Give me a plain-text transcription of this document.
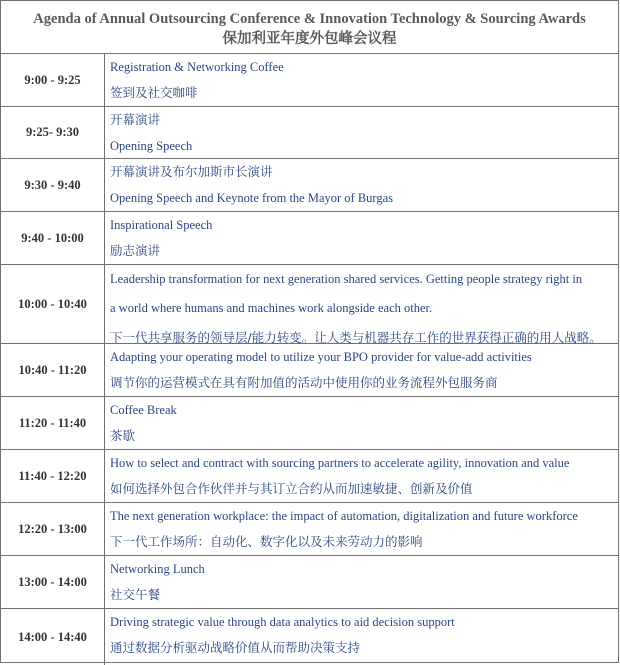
Agenda of Annual Outsourcing Conference & Innovation Technology & Sourcing Awards
保加利亚年度外包峰会议程
9:00 - 9:25
Registration & Networking Coffee
签到及社交咖啡
9:25- 9:30
开幕演讲
Opening Speech
9:30 - 9:40
开幕演讲及布尔加斯市长演讲
Opening Speech and Keynote from the Mayor of Burgas
9:40 - 10:00
Inspirational Speech
励志演讲
10:00 - 10:40
Leadership transformation for next generation shared services. Getting people strategy right in
a world where humans and machines work alongside each other.
下一代共享服务的领导层/能力转变。让人类与机器共存工作的世界获得正确的用人战略。
10:40 - 11:20
Adapting your operating model to utilize your BPO provider for value-add activities
调节你的运营模式在具有附加值的活动中使用你的业务流程外包服务商
11:20 - 11:40
Coffee Break
茶歇
11:40 - 12:20
How to select and contract with sourcing partners to accelerate agility, innovation and value
如何选择外包合作伙伴并与其订立合约从而加速敏捷、创新及价值
12:20 - 13:00
The next generation workplace: the impact of automation, digitalization and future workforce
下一代工作场所：自动化、数字化以及未来劳动力的影响
13:00 - 14:00
Networking Lunch
社交午餐
14:00 - 14:40
Driving strategic value through data analytics to aid decision support
通过数据分析驱动战略价值从而帮助决策支持
